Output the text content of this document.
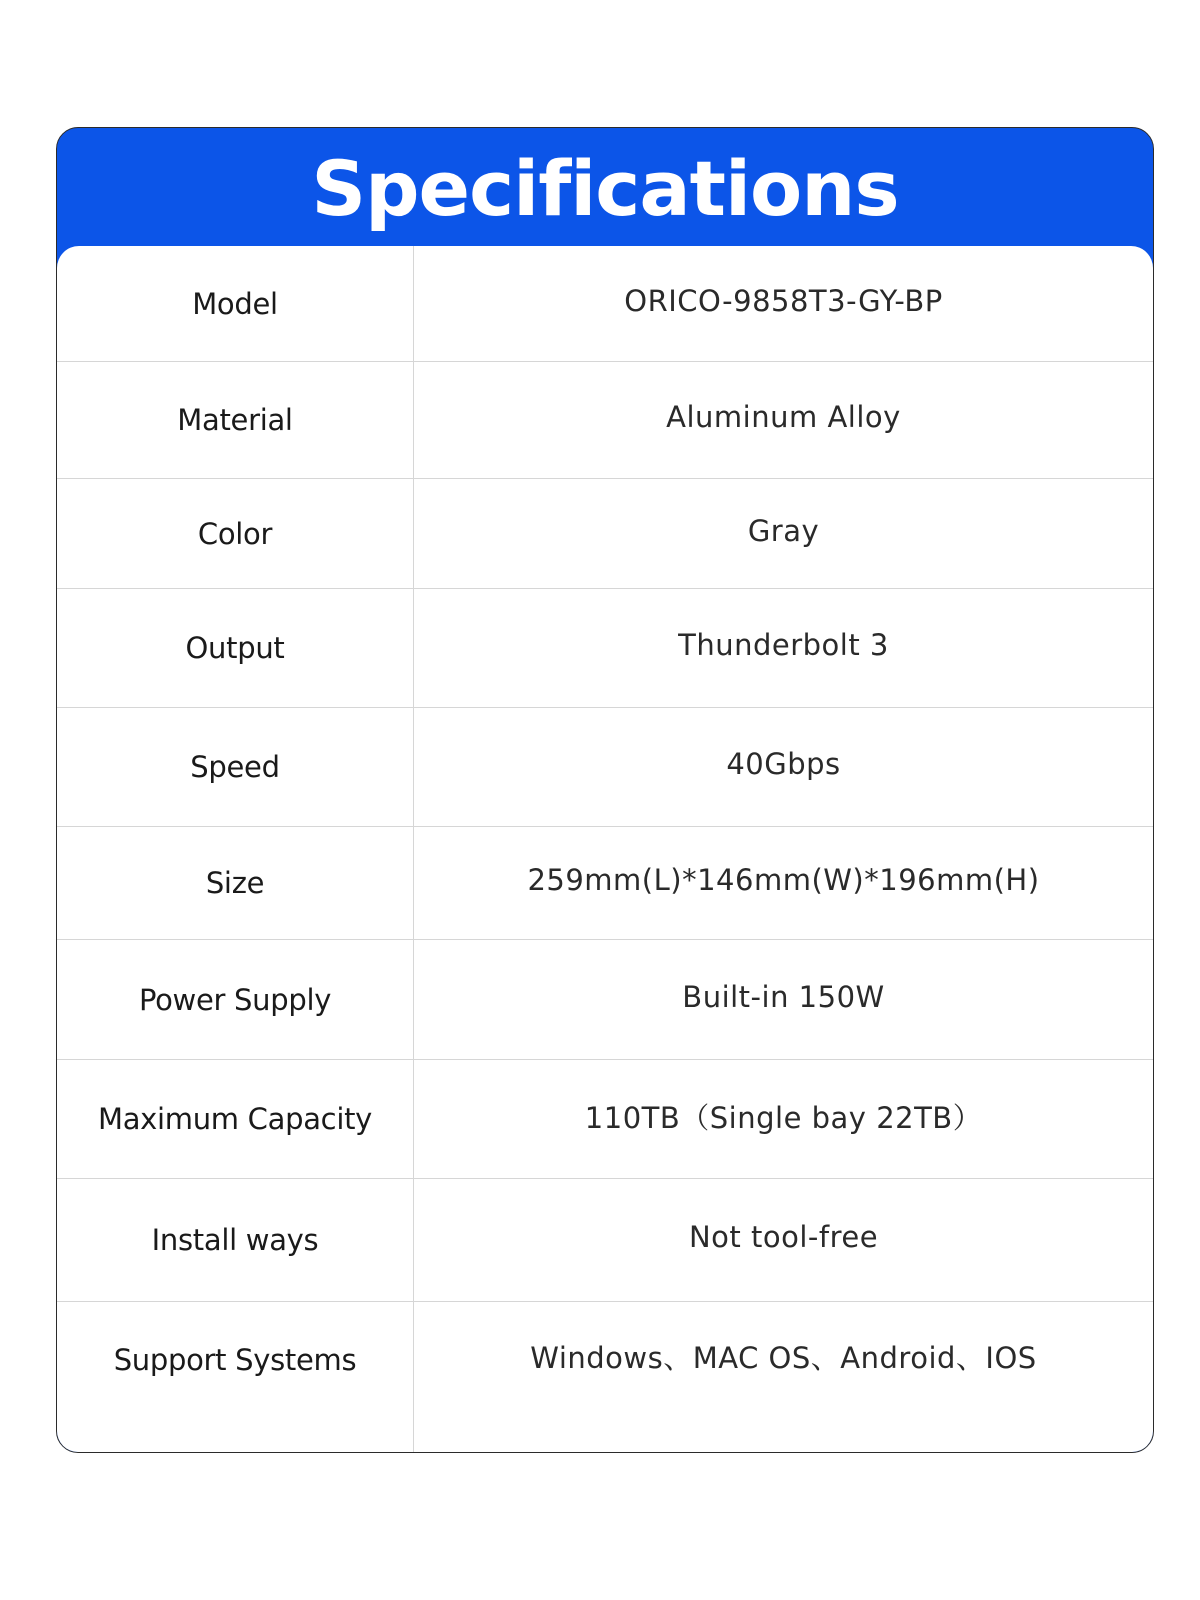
Specifications
Model	ORICO-9858T3-GY-BP
Material	Aluminum Alloy
Color	Gray
Output	Thunderbolt 3
Speed	40Gbps
Size	259mm(L)*146mm(W)*196mm(H)
Power Supply	Built-in 150W
Maximum Capacity	110TB（Single bay 22TB）
Install ways	Not tool-free
Support Systems	Windows、MAC OS、Android、IOS
